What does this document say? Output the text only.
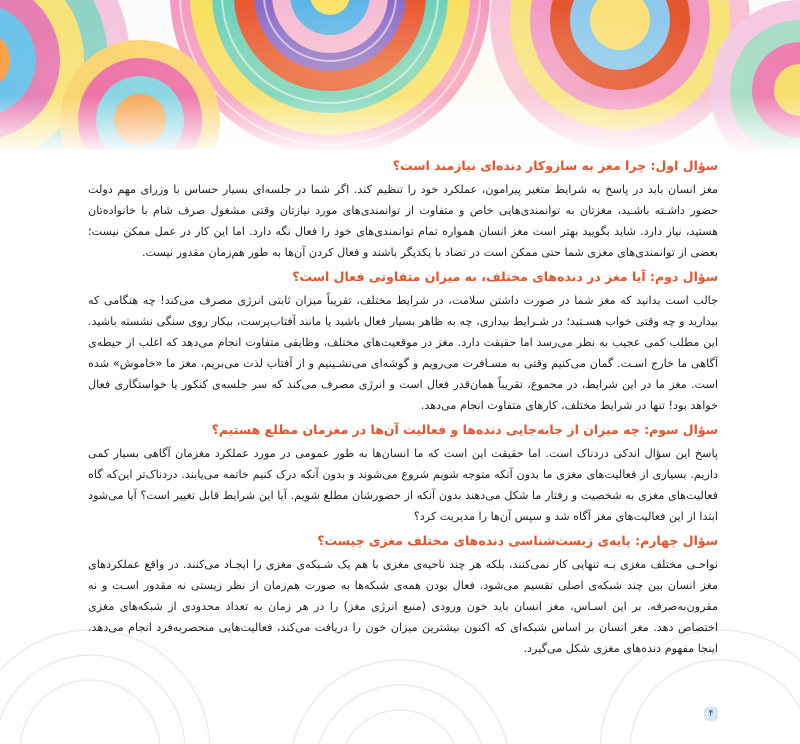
سؤال اول: چرا مغز به سازوکار دنده‌ای نیازمند است؟

مغز انسان باید در پاسخ به شرایط متغیر پیرامون، عملکرد خود را تنظیم کند. اگر شما در جلسه‌ای بسیار حساس با وزرای مهم دولت حضور داشـته باشـید، مغزتان به توانمندی‌هایی خاص و متفاوت از توانمندی‌های مورد نیازتان وقتی مشغول صرف شام با خانواده‌تان هستید، نیاز دارد. شاید بگویید بهتر است مغز انسان همواره تمام توانمندی‌های خود را فعال نگه دارد. اما این کار در عمل ممکن نیست؛ بعضی از توانمندی‌های مغزی شما حتی ممکن است در تضاد با یکدیگر باشند و فعال کردن آن‌ها به طور هم‌زمان مقدور نیست.

سؤال دوم: آیا مغز در دنده‌های مختلف، به میزان متفاوتی فعال است؟

جالب است بدانید که مغز شما در صورت داشتن سلامت، در شرایط مختلف، تقریباً میزان ثابتی انرژی مصرف می‌کند! چه هنگامی که بیدارید و چه وقتی خواب هسـتید؛ در شـرایط بیداری، چه به ظاهر بسیار فعال باشید یا مانند آفتاب‌پرست، بیکار روی سنگی نشسته باشید. این مطلب کمی عجیب به نظر می‌رسد اما حقیقت دارد. مغز در موقعیت‌های مختلف، وظایفی متفاوت انجام می‌دهد که اغلب از حیطه‌ی آگاهی ما خارج اسـت. گمان می‌کنیم وقتی به مسـافرت می‌رویم و گوشه‌ای می‌نشـینیم و از آفتاب لذت می‌بریم، مغز ما «خاموش» شده است. مغز ما در این شرایط، در مجموع، تقریباً همان‌قدر فعال است و انرژی مصرف می‌کند که سر جلسه‌ی کنکور یا خواستگاری فعال خواهد بود! تنها در شرایط مختلف، کارهای متفاوت انجام می‌دهد.

سؤال سوم: چه میزان از جابه‌جایی دنده‌ها و فعالیت آن‌ها در مغزمان مطلع هستیم؟

پاسخ این سؤال اندکی دردناک است. اما حقیقت این است که ما انسان‌ها به طور عمومی در مورد عملکرد مغزمان آگاهی بسیار کمی داریم. بسیاری از فعالیت‌های مغزی ما بدون آنکه متوجه شویم شروع می‌شوند و بدون آنکه درک کنیم خاتمه می‌یابند. دردناک‌تر این‌که گاه فعالیت‌های مغزی به شخصیت و رفتار ما شکل می‌دهند بدون آنکه از حضورشان مطلع شویم. آیا این شرایط قابل تغییر است؟ آیا می‌شود ابتدا از این فعالیت‌های مغز آگاه شد و سپس آن‌ها را مدیریت کرد؟

سؤال چهارم: پایه‌ی زیست‌شناسی دنده‌های مختلف مغزی چیست؟

نواحـی مختلف مغزی بـه تنهایی کار نمی‌کنند، بلکه هر چند ناحیه‌ی مغزی با هم یک شـبکه‌ی مغزی را ایجـاد می‌کنند. در واقع عملکردهای مغز انسان بین چند شبکه‌ی اصلی تقسیم می‌شود. فعال بودن همه‌ی شبکه‌ها به صورت هم‌زمان از نظر زیستی نه مقدور اسـت و نه مقرون‌به‌صرفه. بر این اسـاس، مغز انسان باید خون ورودی (منبع انرژی مغز) را در هر زمان به تعداد محدودی از شبکه‌های مغزی اختصاص دهد. مغز انسان بر اساس شبکه‌ای که اکنون بیشترین میزان خون را دریافت می‌کند، فعالیت‌هایی منحصربه‌فرد انجام می‌دهد. اینجا مفهوم دنده‌های مغزی شکل می‌گیرد.

۴
